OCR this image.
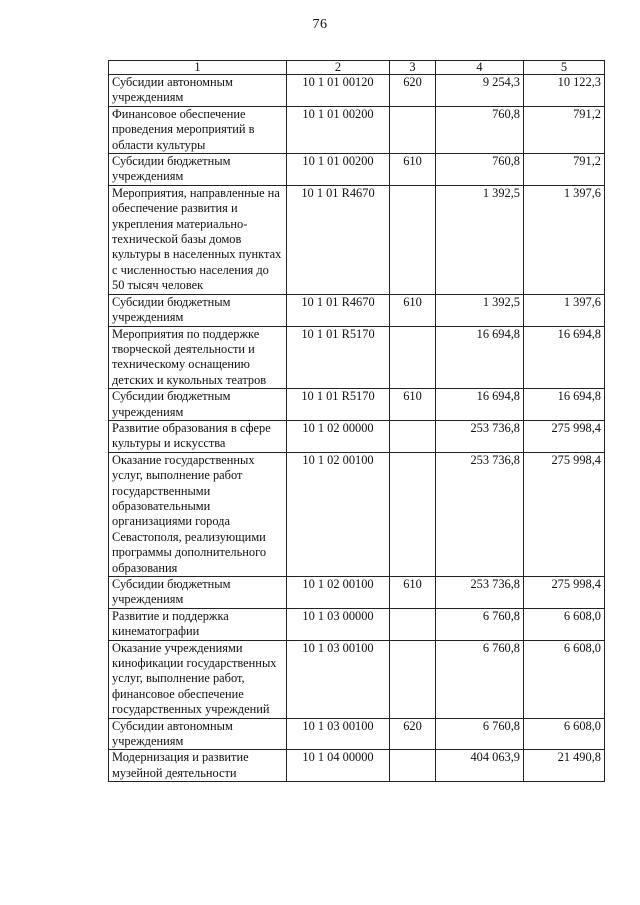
76
1	2	3	4	5
Субсидии автономным учреждениям	10 1 01 00120	620	9 254,3	10 122,3
Финансовое обеспечение проведения мероприятий в области культуры	10 1 01 00200		760,8	791,2
Субсидии бюджетным учреждениям	10 1 01 00200	610	760,8	791,2
Мероприятия, направленные на обеспечение развития и укрепления материально-технической базы домов культуры в населенных пунктах с численностью населения до 50 тысяч человек	10 1 01 R4670		1 392,5	1 397,6
Субсидии бюджетным учреждениям	10 1 01 R4670	610	1 392,5	1 397,6
Мероприятия по поддержке творческой деятельности и техническому оснащению детских и кукольных театров	10 1 01 R5170		16 694,8	16 694,8
Субсидии бюджетным учреждениям	10 1 01 R5170	610	16 694,8	16 694,8
Развитие образования в сфере культуры и искусства	10 1 02 00000		253 736,8	275 998,4
Оказание государственных услуг, выполнение работ государственными образовательными организациями города Севастополя, реализующими программы дополнительного образования	10 1 02 00100		253 736,8	275 998,4
Субсидии бюджетным учреждениям	10 1 02 00100	610	253 736,8	275 998,4
Развитие и поддержка кинематографии	10 1 03 00000		6 760,8	6 608,0
Оказание учреждениями кинофикации государственных услуг, выполнение работ, финансовое обеспечение государственных учреждений	10 1 03 00100		6 760,8	6 608,0
Субсидии автономным учреждениям	10 1 03 00100	620	6 760,8	6 608,0
Модернизация и развитие музейной деятельности	10 1 04 00000		404 063,9	21 490,8
